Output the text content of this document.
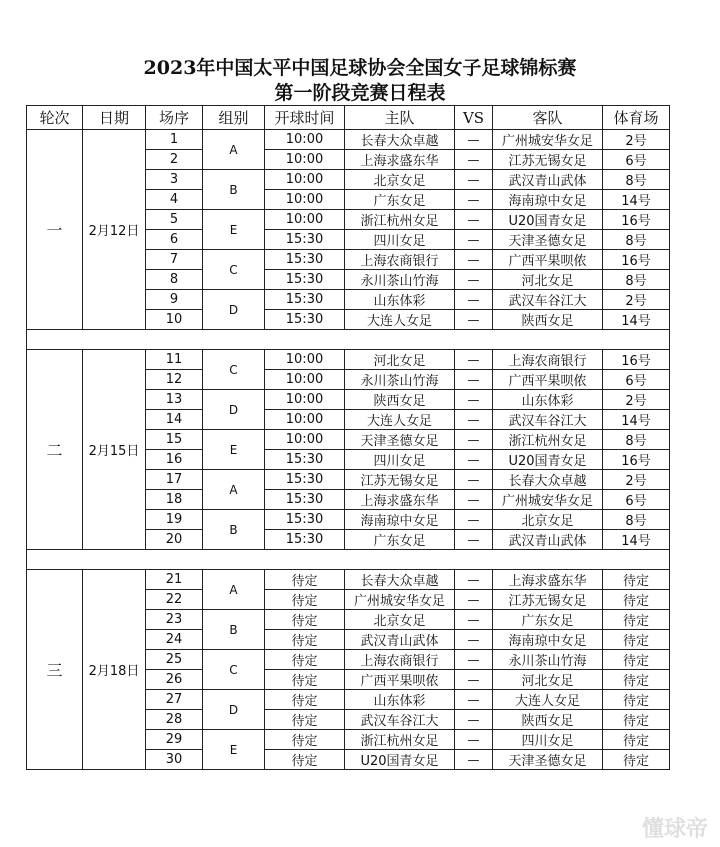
2023年中国太平中国足球协会全国女子足球锦标赛
第一阶段竞赛日程表
轮次	日期	场序	组别	开球时间	主队	VS	客队	体育场
一	2月12日	1	A	10:00	长春大众卓越	—	广州城安华女足	2号
		2		10:00	上海求盛东华	—	江苏无锡女足	6号
		3	B	10:00	北京女足	—	武汉青山武体	8号
		4		10:00	广东女足	—	海南琼中女足	14号
		5	E	10:00	浙江杭州女足	—	U20国青女足	16号
		6		15:30	四川女足	—	天津圣德女足	8号
		7	C	15:30	上海农商银行	—	广西平果呗侬	16号
		8		15:30	永川茶山竹海	—	河北女足	8号
		9	D	15:30	山东体彩	—	武汉车谷江大	2号
		10		15:30	大连人女足	—	陕西女足	14号

二	2月15日	11	C	10:00	河北女足	—	上海农商银行	16号
		12		10:00	永川茶山竹海	—	广西平果呗侬	6号
		13	D	10:00	陕西女足	—	山东体彩	2号
		14		10:00	大连人女足	—	武汉车谷江大	14号
		15	E	10:00	天津圣德女足	—	浙江杭州女足	8号
		16		15:30	四川女足	—	U20国青女足	16号
		17	A	15:30	江苏无锡女足	—	长春大众卓越	2号
		18		15:30	上海求盛东华	—	广州城安华女足	6号
		19	B	15:30	海南琼中女足	—	北京女足	8号
		20		15:30	广东女足	—	武汉青山武体	14号

三	2月18日	21	A	待定	长春大众卓越	—	上海求盛东华	待定
		22		待定	广州城安华女足	—	江苏无锡女足	待定
		23	B	待定	北京女足	—	广东女足	待定
		24		待定	武汉青山武体	—	海南琼中女足	待定
		25	C	待定	上海农商银行	—	永川茶山竹海	待定
		26		待定	广西平果呗侬	—	河北女足	待定
		27	D	待定	山东体彩	—	大连人女足	待定
		28		待定	武汉车谷江大	—	陕西女足	待定
		29	E	待定	浙江杭州女足	—	四川女足	待定
		30		待定	U20国青女足	—	天津圣德女足	待定
懂球帝
